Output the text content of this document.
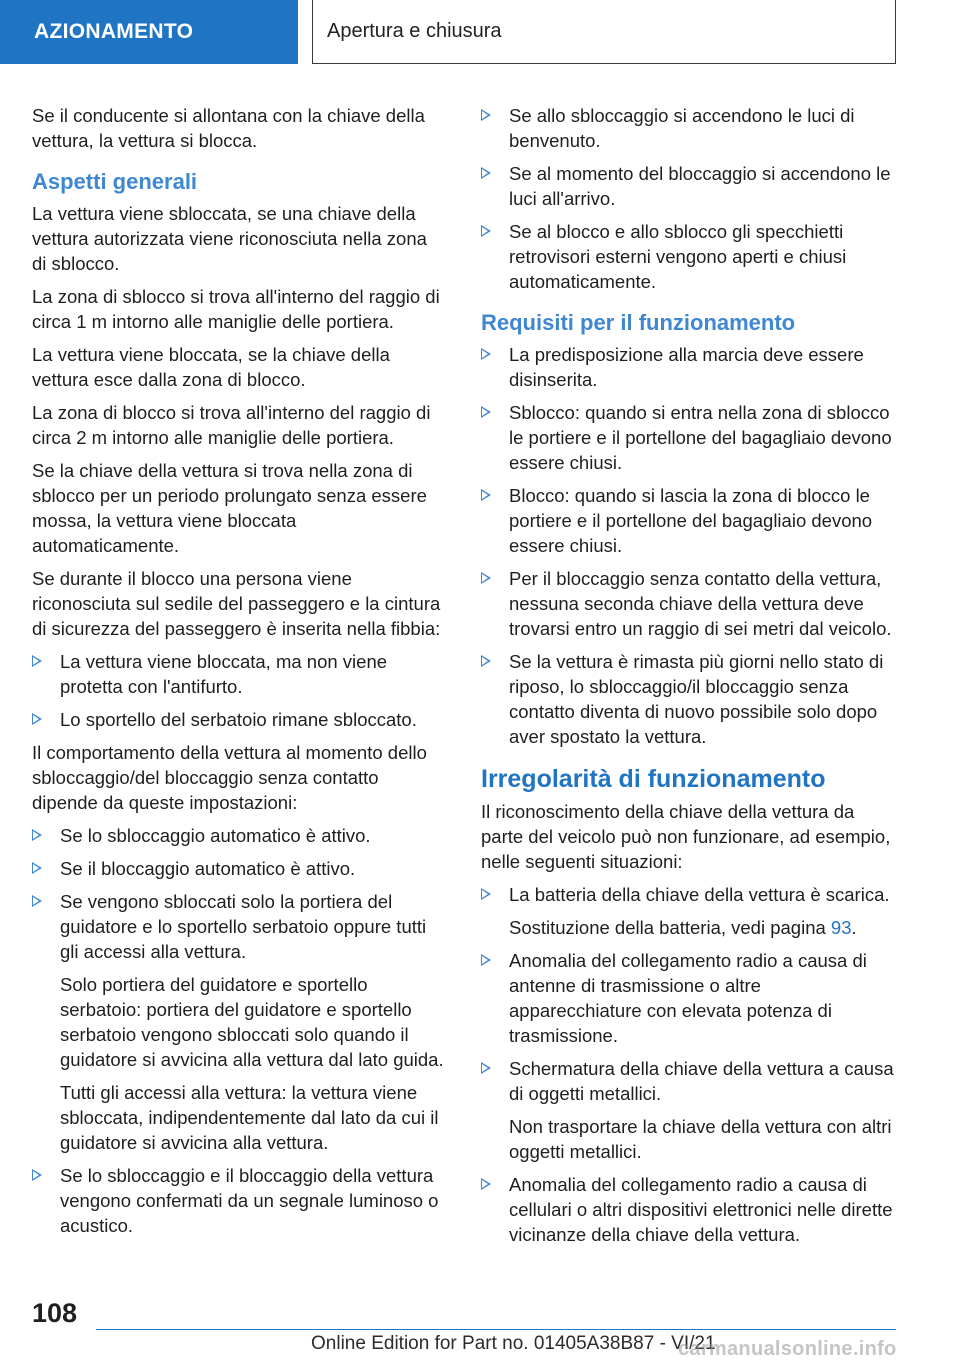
AZIONAMENTO	Apertura e chiusura

Se il conducente si allontana con la chiave della vettura, la vettura si blocca.

Aspetti generali

La vettura viene sbloccata, se una chiave della vettura autorizzata viene riconosciuta nella zona di sblocco.

La zona di sblocco si trova all'interno del raggio di circa 1 m intorno alle maniglie delle portiera.

La vettura viene bloccata, se la chiave della vettura esce dalla zona di blocco.

La zona di blocco si trova all'interno del raggio di circa 2 m intorno alle maniglie delle portiera.

Se la chiave della vettura si trova nella zona di sblocco per un periodo prolungato senza essere mossa, la vettura viene bloccata automaticamente.

Se durante il blocco una persona viene riconosciuta sul sedile del passeggero e la cintura di sicurezza del passeggero è inserita nella fibbia:

La vettura viene bloccata, ma non viene protetta con l'antifurto.
Lo sportello del serbatoio rimane sbloccato.

Il comportamento della vettura al momento dello sbloccaggio/del bloccaggio senza contatto dipende da queste impostazioni:

Se lo sbloccaggio automatico è attivo.
Se il bloccaggio automatico è attivo.

Se vengono sbloccati solo la portiera del guidatore e lo sportello serbatoio oppure tutti gli accessi alla vettura.

Solo portiera del guidatore e sportello serbatoio: portiera del guidatore e sportello serbatoio vengono sbloccati solo quando il guidatore si avvicina alla vettura dal lato guida.

Tutti gli accessi alla vettura: la vettura viene sbloccata, indipendentemente dal lato da cui il guidatore si avvicina alla vettura.

Se lo sbloccaggio e il bloccaggio della vettura vengono confermati da un segnale luminoso o acustico.
Se allo sbloccaggio si accendono le luci di benvenuto.
Se al momento del bloccaggio si accendono le luci all'arrivo.
Se al blocco e allo sblocco gli specchietti retrovisori esterni vengono aperti e chiusi automaticamente.
Requisiti per il funzionamento
La predisposizione alla marcia deve essere disinserita.
Sblocco: quando si entra nella zona di sblocco le portiere e il portellone del bagagliaio devono essere chiusi.
Blocco: quando si lascia la zona di blocco le portiere e il portellone del bagagliaio devono essere chiusi.
Per il bloccaggio senza contatto della vettura, nessuna seconda chiave della vettura deve trovarsi entro un raggio di sei metri dal veicolo.
Se la vettura è rimasta più giorni nello stato di riposo, lo sbloccaggio/il bloccaggio senza contatto diventa di nuovo possibile solo dopo aver spostato la vettura.
Irregolarità di funzionamento

Il riconoscimento della chiave della vettura da parte del veicolo può non funzionare, ad esempio, nelle seguenti situazioni:

La batteria della chiave della vettura è scarica.

Sostituzione della batteria, vedi pagina 93.

Anomalia del collegamento radio a causa di antenne di trasmissione o altre apparecchiature con elevata potenza di trasmissione.

Schermatura della chiave della vettura a causa di oggetti metallici.

Non trasportare la chiave della vettura con altri oggetti metallici.

Anomalia del collegamento radio a causa di cellulari o altri dispositivi elettronici nelle dirette vicinanze della chiave della vettura.
108
Online Edition for Part no. 01405A38B87 - VI/21
carmanualsonline.info
